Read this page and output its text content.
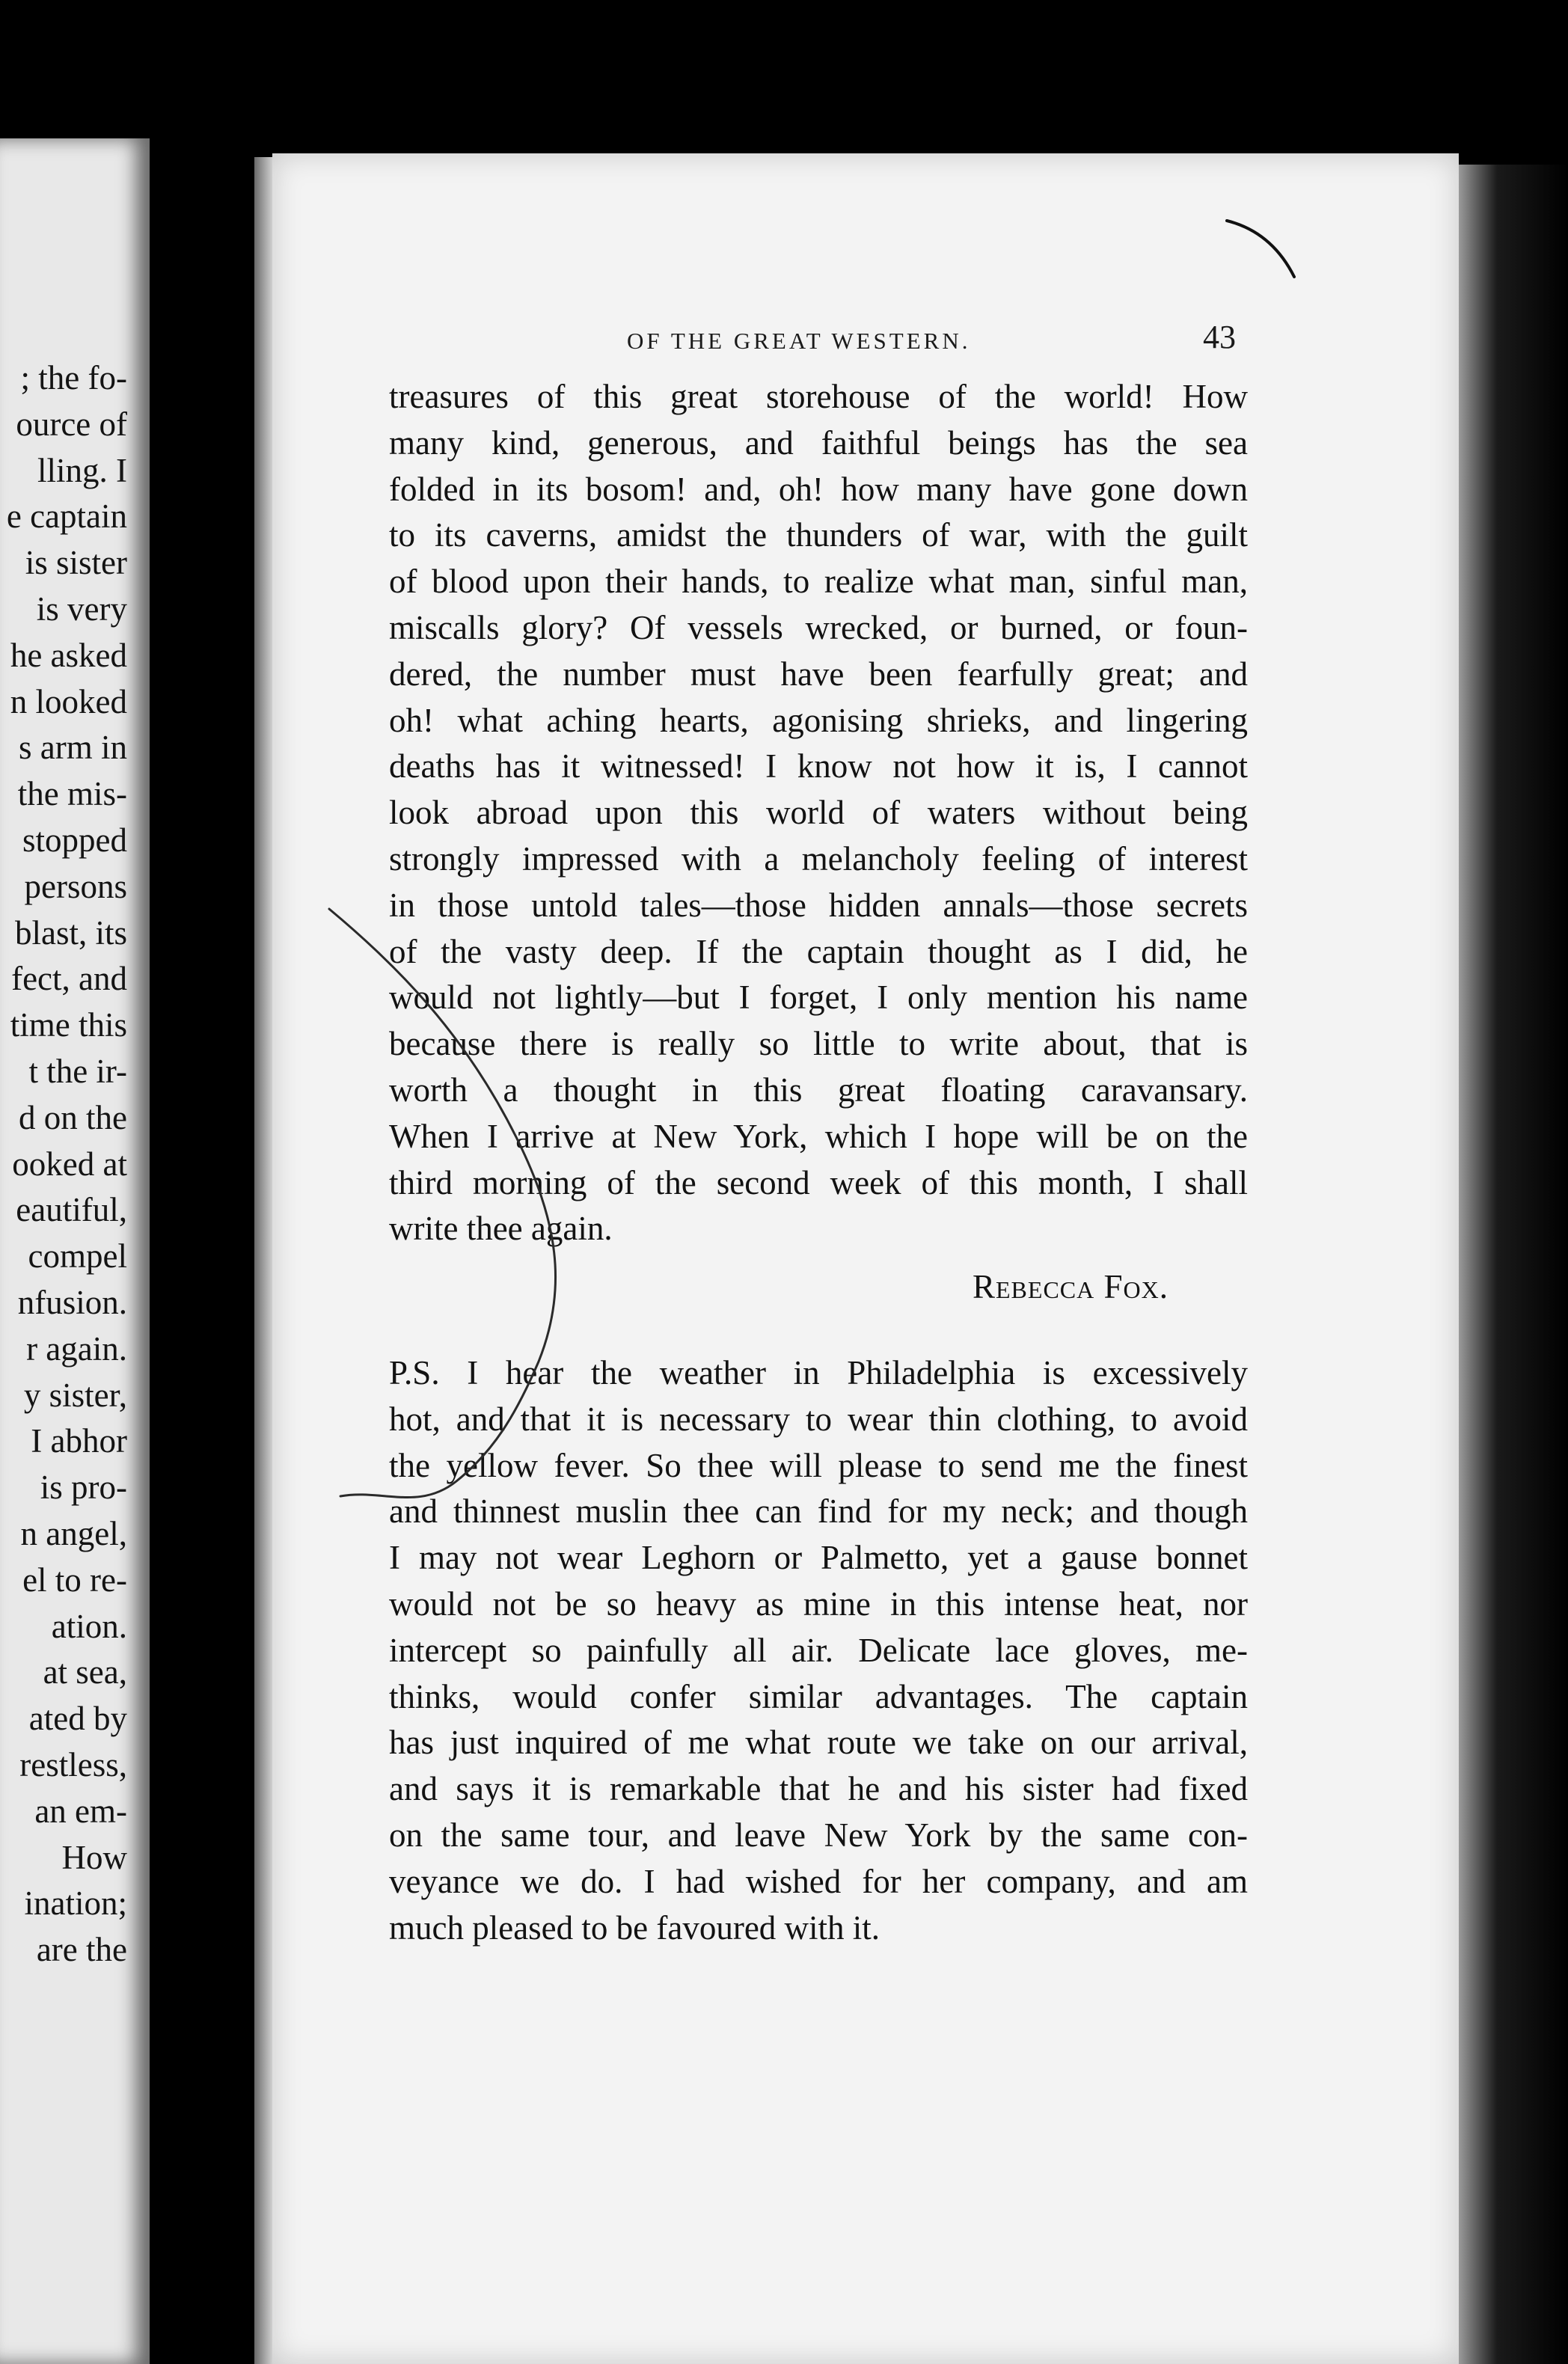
; the fo-
ource of
lling. I
e captain
is sister
is very
he asked
n looked
s arm in
the mis-
stopped
persons
blast, its
fect, and
time this
t the ir-
d on the
ooked at
eautiful,
compel
nfusion.
r again.
y sister,
I abhor
is pro-
n angel,
el to re-
ation.
at sea,
ated by
restless,
an em-
How
ination;
are the
OF THE GREAT WESTERN.	43
treasures of this great storehouse of the world! How
many kind, generous, and faithful beings has the sea
folded in its bosom! and, oh! how many have gone down
to its caverns, amidst the thunders of war, with the guilt
of blood upon their hands, to realize what man, sinful man,
miscalls glory? Of vessels wrecked, or burned, or foun-
dered, the number must have been fearfully great; and
oh! what aching hearts, agonising shrieks, and lingering
deaths has it witnessed! I know not how it is, I cannot
look abroad upon this world of waters without being
strongly impressed with a melancholy feeling of interest
in those untold tales—those hidden annals—those secrets
of the vasty deep. If the captain thought as I did, he
would not lightly—but I forget, I only mention his name
because there is really so little to write about, that is
worth a thought in this great floating caravansary.
When I arrive at New York, which I hope will be on the
third morning of the second week of this month, I shall
write thee again.
Rebecca Fox.
P.S. I hear the weather in Philadelphia is excessively
hot, and that it is necessary to wear thin clothing, to avoid
the yellow fever. So thee will please to send me the finest
and thinnest muslin thee can find for my neck; and though
I may not wear Leghorn or Palmetto, yet a gause bonnet
would not be so heavy as mine in this intense heat, nor
intercept so painfully all air. Delicate lace gloves, me-
thinks, would confer similar advantages. The captain
has just inquired of me what route we take on our arrival,
and says it is remarkable that he and his sister had fixed
on the same tour, and leave New York by the same con-
veyance we do. I had wished for her company, and am
much pleased to be favoured with it.
